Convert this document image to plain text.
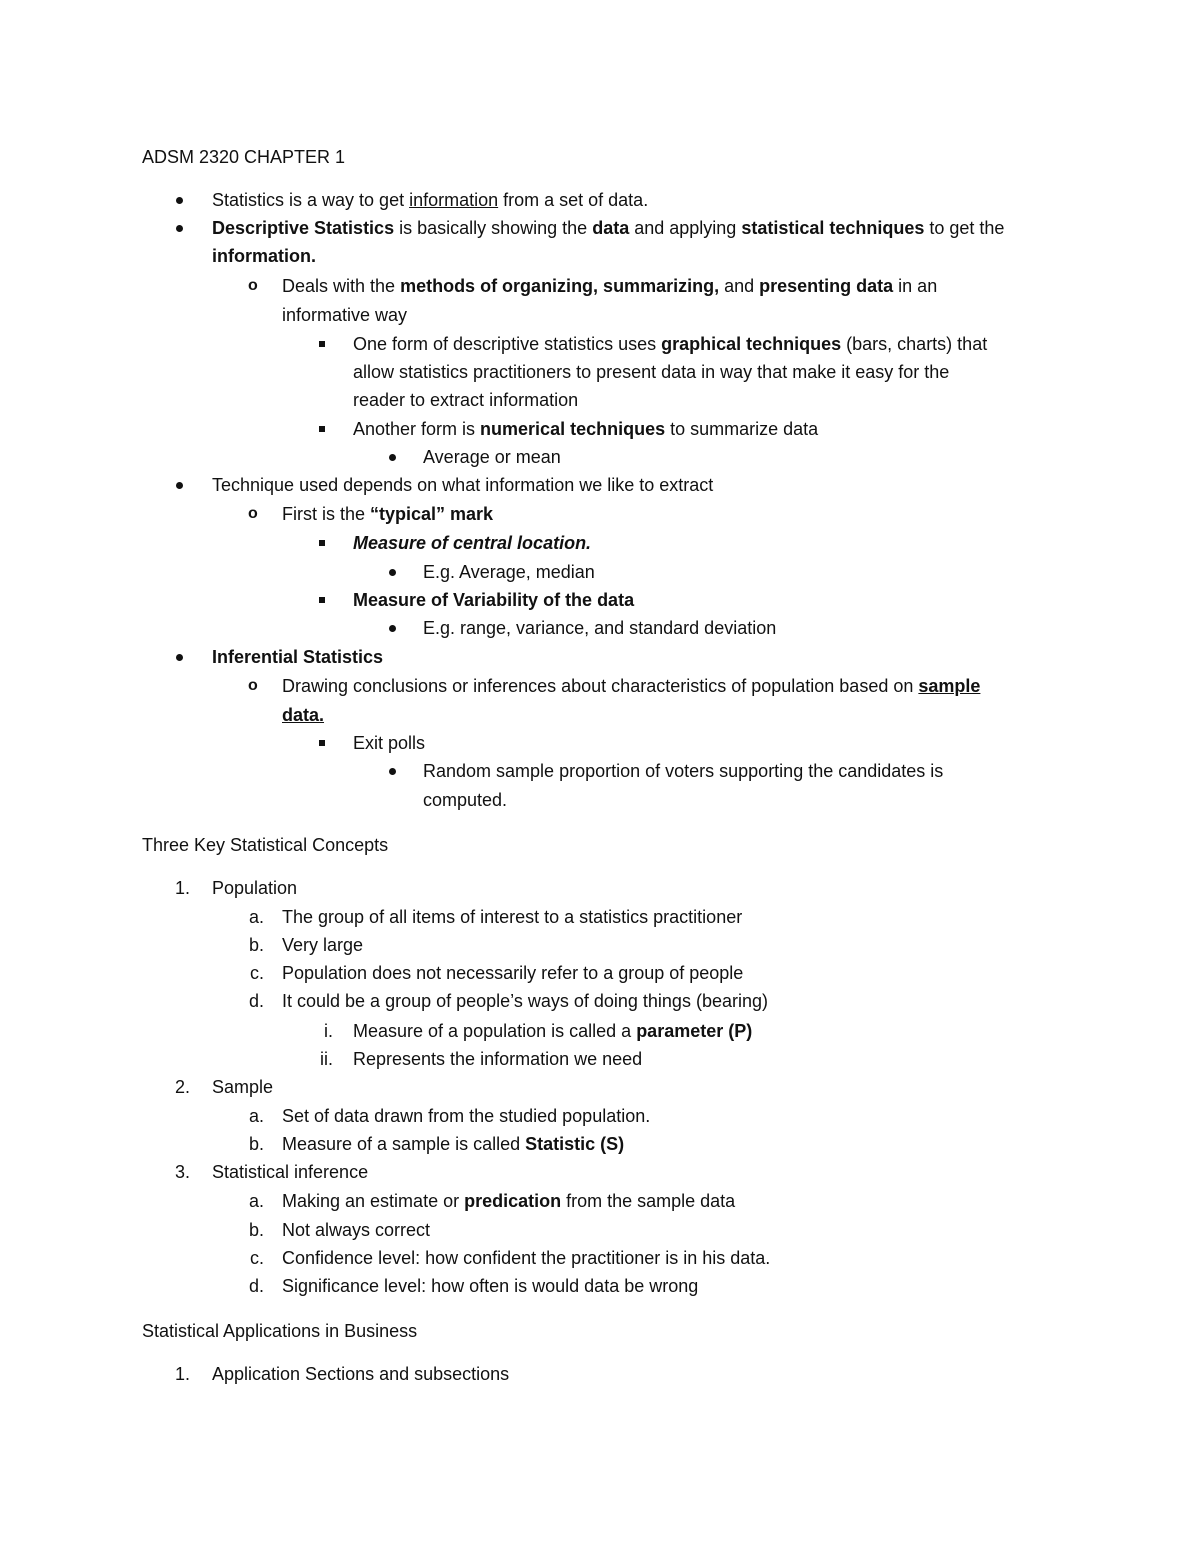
ADSM 2320 CHAPTER 1
Statistics is a way to get information from a set of data.
Descriptive Statistics is basically showing the data and applying statistical techniques to get the
information.
o Deals with the methods of organizing, summarizing, and presenting data in an
informative way
One form of descriptive statistics uses graphical techniques (bars, charts) that
allow statistics practitioners to present data in way that make it easy for the
reader to extract information
Another form is numerical techniques to summarize data
Average or mean
Technique used depends on what information we like to extract
o First is the “typical” mark
Measure of central location.
E.g. Average, median
Measure of Variability of the data
E.g. range, variance, and standard deviation
Inferential Statistics
o Drawing conclusions or inferences about characteristics of population based on sample
data.
Exit polls
Random sample proportion of voters supporting the candidates is
computed.
Three Key Statistical Concepts
1. Population
a. The group of all items of interest to a statistics practitioner
b. Very large
c. Population does not necessarily refer to a group of people
d. It could be a group of people’s ways of doing things (bearing)
i. Measure of a population is called a parameter (P)
ii. Represents the information we need
2. Sample
a. Set of data drawn from the studied population.
b. Measure of a sample is called Statistic (S)
3. Statistical inference
a. Making an estimate or predication from the sample data
b. Not always correct
c. Confidence level: how confident the practitioner is in his data.
d. Significance level: how often is would data be wrong
Statistical Applications in Business
1. Application Sections and subsections
